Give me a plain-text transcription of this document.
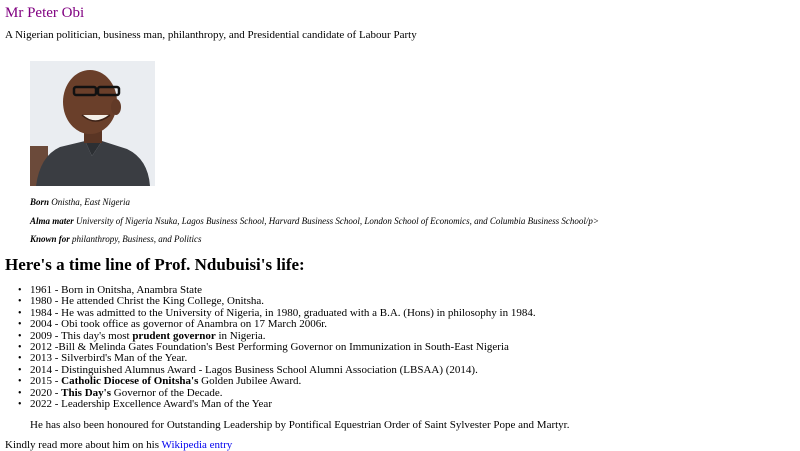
Mr Peter Obi

A Nigerian politician, business man, philanthropy, and Presidential candidate of Labour Party

Born Onistha, East Nigeria

Alma mater University of Nigeria Nsuka, Lagos Business School, Harvard Business School, London School of Economics, and Columbia Business School/p>

Known for philanthropy, Business, and Politics

Here's a time line of Prof. Ndubuisi's life:
• 1961 - Born in Onitsha, Anambra State
• 1980 - He attended Christ the King College, Onitsha.
• 1984 - He was admitted to the University of Nigeria, in 1980, graduated with a B.A. (Hons) in philosophy in 1984.
• 2004 - Obi took office as governor of Anambra on 17 March 2006r.
• 2009 - This day's most prudent governor in Nigeria.
• 2012 -Bill & Melinda Gates Foundation's Best Performing Governor on Immunization in South-East Nigeria
• 2013 - Silverbird's Man of the Year.
• 2014 - Distinguished Alumnus Award - Lagos Business School Alumni Association (LBSAA) (2014).
• 2015 - Catholic Diocese of Onitsha's Golden Jubilee Award.
• 2020 - This Day's Governor of the Decade.
• 2022 - Leadership Excellence Award's Man of the Year

He has also been honoured for Outstanding Leadership by Pontifical Equestrian Order of Saint Sylvester Pope and Martyr.

Kindly read more about him on his Wikipedia entry
